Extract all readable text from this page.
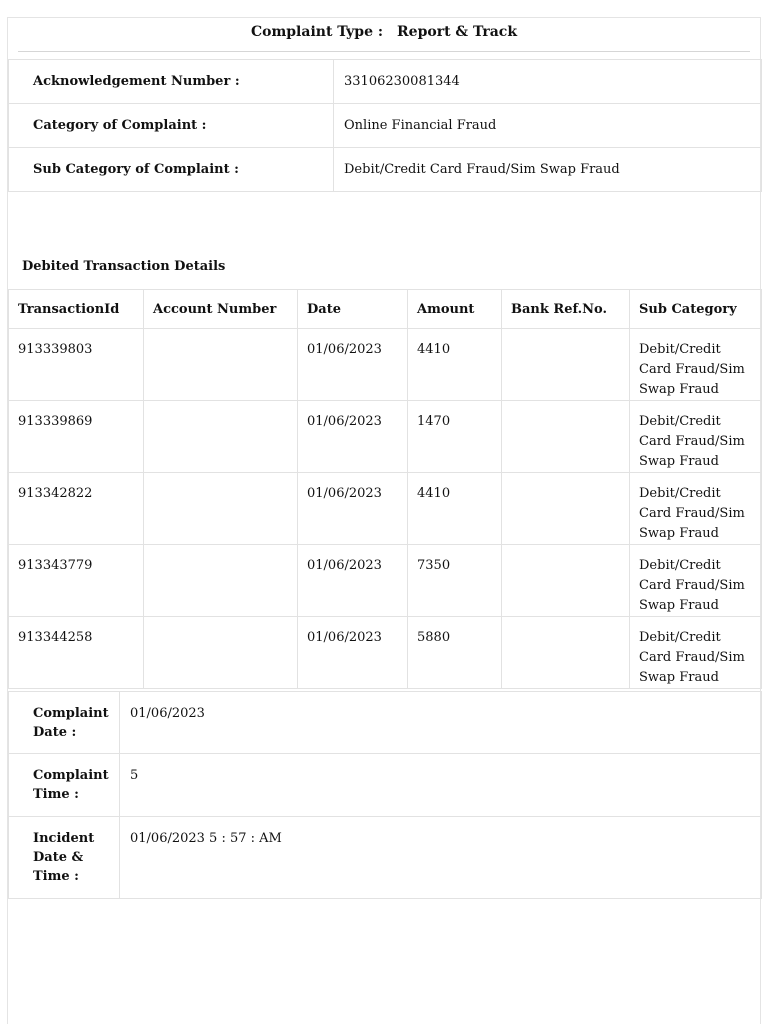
Complaint Type : Report & Track
Acknowledgement Number :	33106230081344
Category of Complaint :	Online Financial Fraud
Sub Category of Complaint :	Debit/Credit Card Fraud/Sim Swap Fraud
Debited Transaction Details
TransactionId	Account Number	Date	Amount	Bank Ref.No.	Sub Category
913339803		01/06/2023	4410		Debit/Credit Card Fraud/Sim Swap Fraud
913339869		01/06/2023	1470		Debit/Credit Card Fraud/Sim Swap Fraud
913342822		01/06/2023	4410		Debit/Credit Card Fraud/Sim Swap Fraud
913343779		01/06/2023	7350		Debit/Credit Card Fraud/Sim Swap Fraud
913344258		01/06/2023	5880		Debit/Credit Card Fraud/Sim Swap Fraud
Complaint Date :	01/06/2023
Complaint Time :	5
Incident Date & Time :	01/06/2023 5 : 57 : AM
